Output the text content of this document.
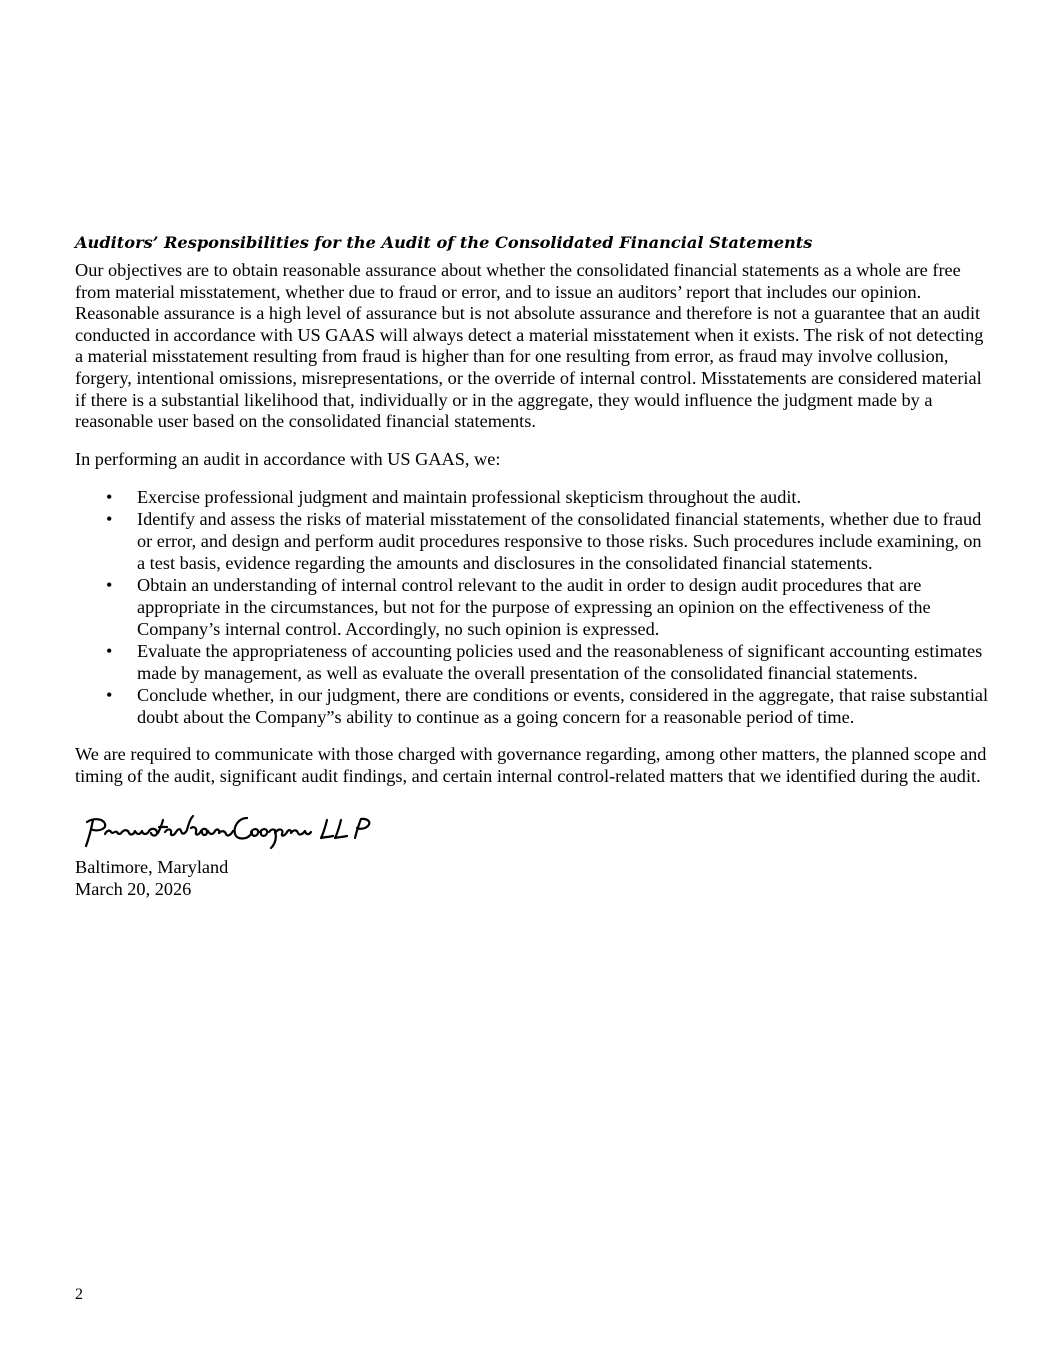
Auditors’ Responsibilities for the Audit of the Consolidated Financial Statements

Our objectives are to obtain reasonable assurance about whether the consolidated financial statements as a whole are free from material misstatement, whether due to fraud or error, and to issue an auditors’ report that includes our opinion. Reasonable assurance is a high level of assurance but is not absolute assurance and therefore is not a guarantee that an audit conducted in accordance with US GAAS will always detect a material misstatement when it exists. The risk of not detecting a material misstatement resulting from fraud is higher than for one resulting from error, as fraud may involve collusion, forgery, intentional omissions, misrepresentations, or the override of internal control. Misstatements are considered material if there is a substantial likelihood that, individually or in the aggregate, they would influence the judgment made by a reasonable user based on the consolidated financial statements.

In performing an audit in accordance with US GAAS, we:

• Exercise professional judgment and maintain professional skepticism throughout the audit.
• Identify and assess the risks of material misstatement of the consolidated financial statements, whether due to fraud or error, and design and perform audit procedures responsive to those risks. Such procedures include examining, on a test basis, evidence regarding the amounts and disclosures in the consolidated financial statements.
• Obtain an understanding of internal control relevant to the audit in order to design audit procedures that are appropriate in the circumstances, but not for the purpose of expressing an opinion on the effectiveness of the Company’s internal control. Accordingly, no such opinion is expressed.
• Evaluate the appropriateness of accounting policies used and the reasonableness of significant accounting estimates made by management, as well as evaluate the overall presentation of the consolidated financial statements.
• Conclude whether, in our judgment, there are conditions or events, considered in the aggregate, that raise substantial doubt about the Company”s ability to continue as a going concern for a reasonable period of time.

We are required to communicate with those charged with governance regarding, among other matters, the planned scope and timing of the audit, significant audit findings, and certain internal control-related matters that we identified during the audit.

Baltimore, Maryland

March 20, 2026

2
